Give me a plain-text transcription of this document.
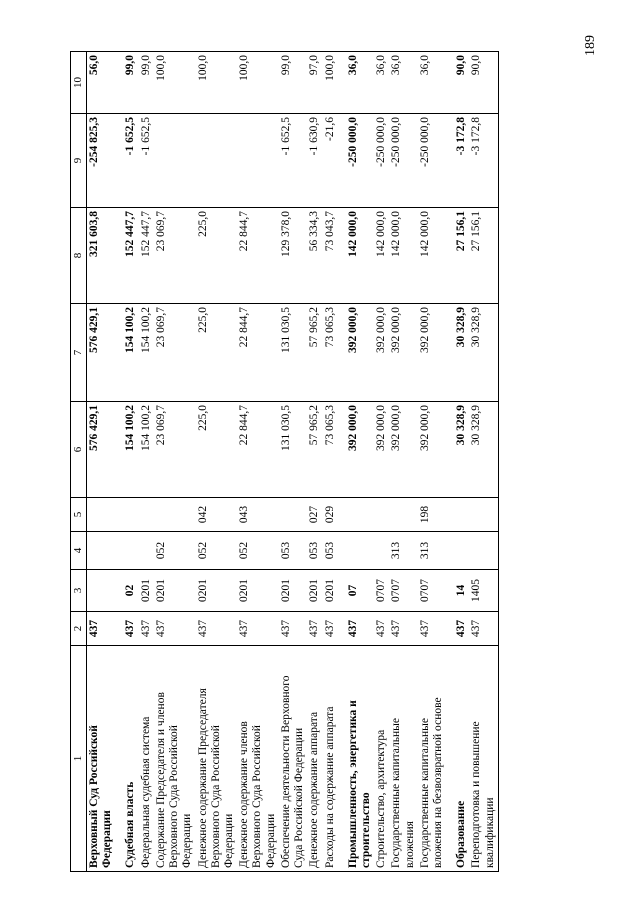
189
1	2	3	4	5	6	7	8	9	10
Верховный Суд Российской
Федерации	437				576 429,1	576 429,1	321 603,8	-254 825,3	56,0

Судебная власть	437	02			154 100,2	154 100,2	152 447,7	-1 652,5	99,0
Федеральная судебная система	437	0201			154 100,2	154 100,2	152 447,7	-1 652,5	99,0
Содержание Председателя и членов
Верховного Суда Российской
Федерации	437	0201	052		23 069,7	23 069,7	23 069,7		100,0
Денежное содержание Председателя
Верховного Суда Российской
Федерации	437	0201	052	042	225,0	225,0	225,0		100,0
Денежное содержание членов
Верховного Суда Российской
Федерации	437	0201	052	043	22 844,7	22 844,7	22 844,7		100,0
Обеспечение деятельности Верховного
Суда Российской Федерации	437	0201	053		131 030,5	131 030,5	129 378,0	-1 652,5	99,0
Денежное содержание аппарата	437	0201	053	027	57 965,2	57 965,2	56 334,3	-1 630,9	97,0
Расходы на содержание аппарата	437	0201	053	029	73 065,3	73 065,3	73 043,7	-21,6	100,0

Промышленность, энергетика и
строительство	437	07			392 000,0	392 000,0	142 000,0	-250 000,0	36,0
Строительство, архитектура	437	0707			392 000,0	392 000,0	142 000,0	-250 000,0	36,0
Государственные капитальные
вложения	437	0707	313		392 000,0	392 000,0	142 000,0	-250 000,0	36,0
Государственные капитальные
вложения на безвозвратной основе	437	0707	313	198	392 000,0	392 000,0	142 000,0	-250 000,0	36,0

Образование	437	14			30 328,9	30 328,9	27 156,1	-3 172,8	90,0
Переподготовка и повышение
квалификации	437	1405			30 328,9	30 328,9	27 156,1	-3 172,8	90,0
